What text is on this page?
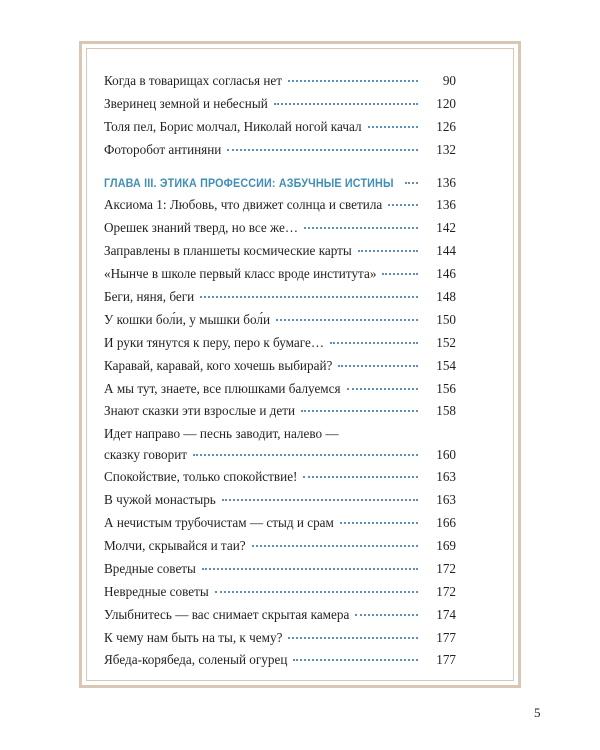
Когда в товарищах согласья нет	90
Зверинец земной и небесный	120
Толя пел, Борис молчал, Николай ногой качал	126
Фоторобот антиняни	132
ГЛАВА III. ЭТИКА ПРОФЕССИИ: АЗБУЧНЫЕ ИСТИНЫ	136
Аксиома 1: Любовь, что движет солнца и светила	136
Орешек знаний тверд, но все же…	142
Заправлены в планшеты космические карты	144
«Нынче в школе первый класс вроде института»	146
Беги, няня, беги	148
У кошки бол́и, у мышки бол́и	150
И руки тянутся к перу, перо к бумаге…	152
Каравай, каравай, кого хочешь выбирай?	154
А мы тут, знаете, все плюшками балуемся	156
Знают сказки эти взрослые и дети	158
Идет направо — песнь заводит, налево —
сказку говорит	160
Спокойствие, только спокойствие!	163
В чужой монастырь	163
А нечистым трубочистам — стыд и срам	166
Молчи, скрывайся и таи?	169
Вредные советы	172
Невредные советы	172
Улыбнитесь — вас снимает скрытая камера	174
К чему нам быть на ты, к чему?	177
Ябеда-корябеда, соленый огурец	177
5
